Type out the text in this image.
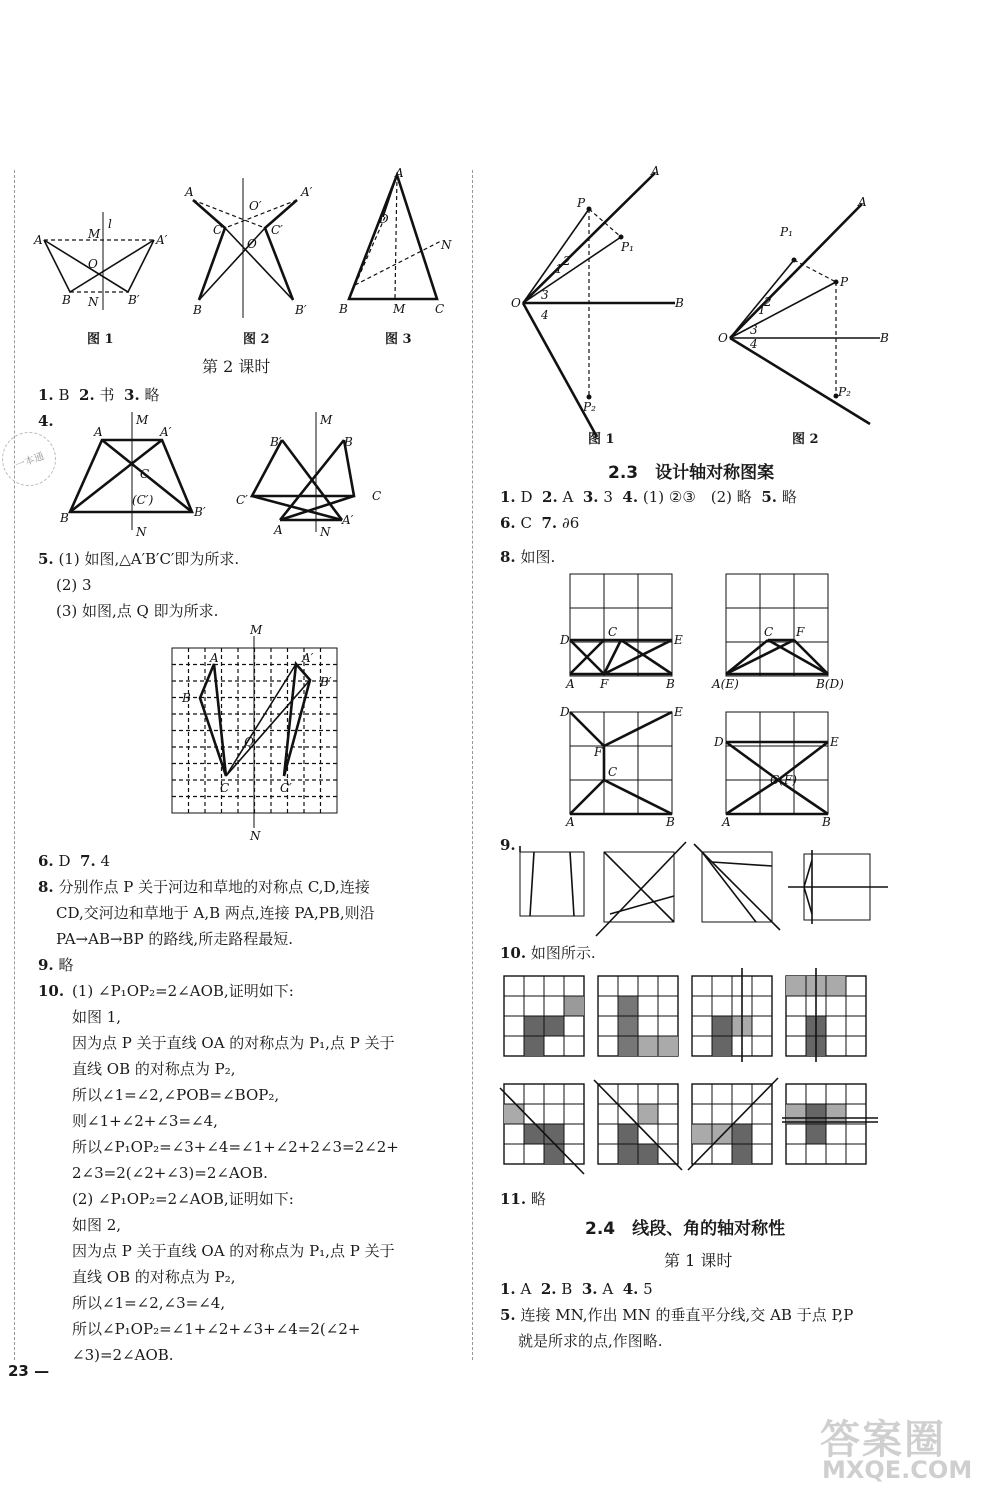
l
A	A′
M
O
B N B′
A	A′
O′
O
C	C′
B	B′
A
D
N
B	M C
图 1	图 2	图 3
第 2 课时
1. B 2. 书 3. 略
4.
一本通
M
N
A	A′
C
(C′)
B	B′
M
N
B′	B
C′	C
A
A′
5. (1) 如图,△A′B′C′即为所求.
(2) 3
(3) 如图,点 Q 即为所求.
M
N
A
B
A′
B′
Q
C	C′
6. D 7. 4
8. 分别作点 P 关于河边和草地的对称点 C,D,连接
CD,交河边和草地于 A,B 两点,连接 PA,PB,则沿
PA→AB→BP 的路线,所走路程最短.
9. 略
10. (1) ∠P₁OP₂=2∠AOB,证明如下:
如图 1,
因为点 P 关于直线 OA 的对称点为 P₁,点 P 关于
直线 OB 的对称点为 P₂,
所以∠1=∠2,∠POB=∠BOP₂,
则∠1+∠2+∠3=∠4,
所以∠P₁OP₂=∠3+∠4=∠1+∠2+2∠3=2∠2+
2∠3=2(∠2+∠3)=2∠AOB.
(2) ∠P₁OP₂=2∠AOB,证明如下:
如图 2,
因为点 P 关于直线 OA 的对称点为 P₁,点 P 关于
直线 OB 的对称点为 P₂,
所以∠1=∠2,∠3=∠4,
所以∠P₁OP₂=∠1+∠2+∠3+∠4=2(∠2+
∠3)=2∠AOB.
23 —
A
B
O
P
P₁
P₂
1
2
3
4
A
B
O
P₁
P
P₂
1
2
3
4
图 1	图 2
2.3　设计轴对称图案
1. D 2. A 3. 3 4. (1) ②③　(2) 略 5. 略
6. C 7. ∂6
8. 如图.
D
C
E
A F	B
C F
A(E)	B(D)
D	E
F
C
A	B
D	E
C(F)
A	B
9.
10. 如图所示.
11. 略
2.4　线段、角的轴对称性
第 1 课时
1. A 2. B 3. A 4. 5
5. 连接 MN,作出 MN 的垂直平分线,交 AB 于点 P,P
就是所求的点,作图略.
答案圈
MXQE.COM
